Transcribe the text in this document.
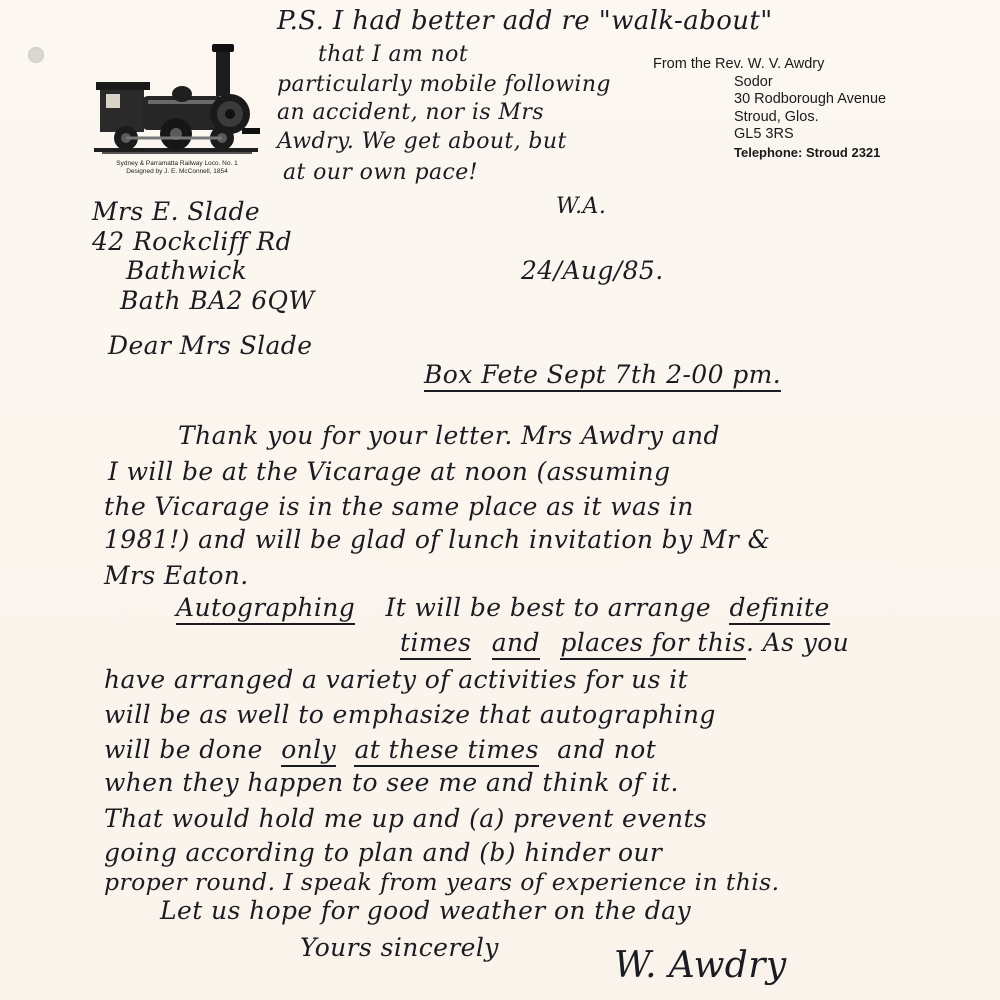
Sydney & Parramatta Railway Loco. No. 1
Designed by J. E. McConnell, 1854
From the Rev. W. V. Awdry
Sodor
30 Rodborough Avenue
Stroud, Glos.
GL5 3RS
Telephone: Stroud 2321
P.S. I had better add re "walk-about"
that I am not
particularly mobile following
an accident, nor is Mrs
Awdry. We get about, but
at our own pace!
W.A.
Mrs E. Slade
42 Rockcliff Rd
Bathwick
Bath BA2 6QW
24/Aug/85.
Dear Mrs Slade
Box Fete Sept 7th 2-00 pm.
Thank you for your letter. Mrs Awdry and
I will be at the Vicarage at noon (assuming
the Vicarage is in the same place as it was in
1981!) and will be glad of lunch invitation by Mr &
Mrs Eaton.
Autographing It will be best to arrange definite
times and places for this. As you
have arranged a variety of activities for us it
will be as well to emphasize that autographing
will be done only at these times and not
when they happen to see me and think of it.
That would hold me up and (a) prevent events
going according to plan and (b) hinder our
proper round. I speak from years of experience in this.
Let us hope for good weather on the day
Yours sincerely	W. Awdry
